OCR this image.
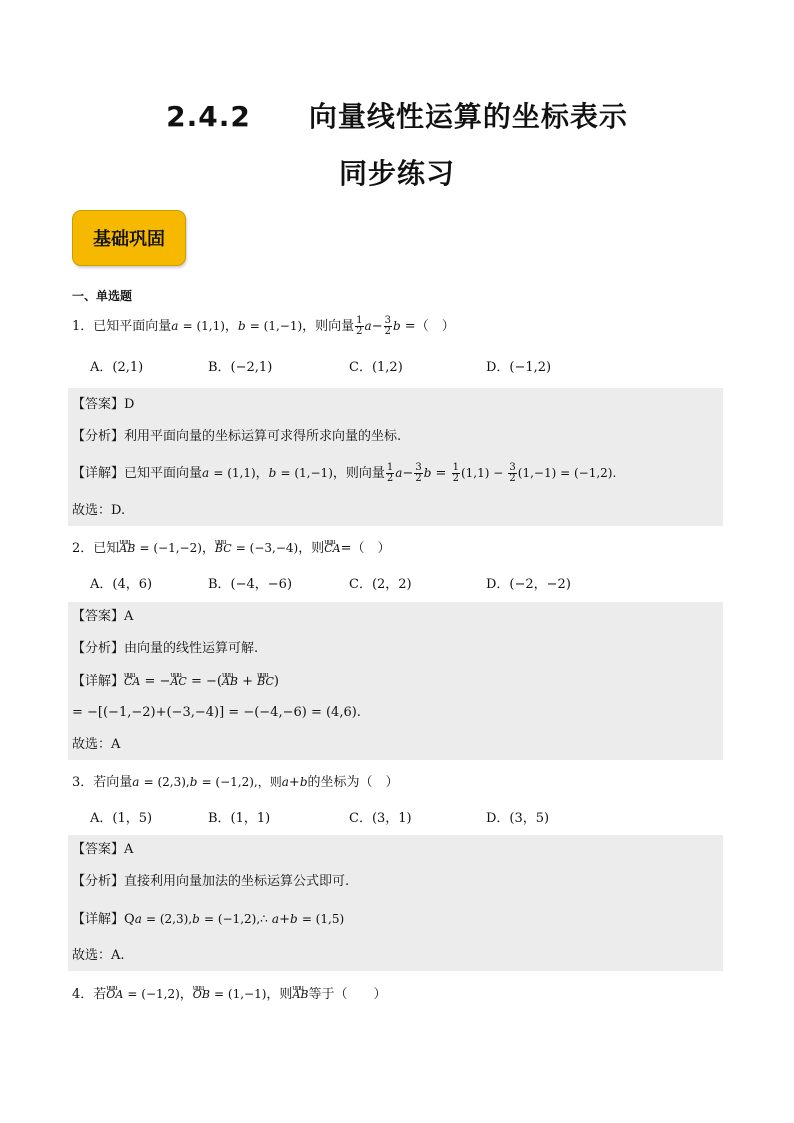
2.4.2　　向量线性运算的坐标表示
同步练习
基础巩固
一、单选题
1．已知平面向量a = (1,1)，b = (1,−1)，则向量 $\frac{1}{2} a- \frac{3}{2}$ b =（　）
A．(2,1)	B．(−2,1)	C．(1,2)	D．(−1,2)
【答案】D
【分析】利用平面向量的坐标运算可求得所求向量的坐标.
【详解】已知平面向量a = (1,1)，b = (1,−1)，则向量 $\frac{1}{2} a- \frac{3}{2}$ $b = \frac{1}{2} (1,1) - \frac{3}{2} (1,-1) = (-1,2)$.
故选：D.
2．已知uuu AB = (−1,−2)，uuu BC = (−3,−4)，则uuu CA=（　）
A．(4，6)	B．(−4，−6)	C．(2，2)	D．(−2，−2)
【答案】A
【分析】由向量的线性运算可解.
【详解】uuu CA = −uuu AC = −(uuu AB + uuu BC)
= −[(−1,−2)+(−3,−4)] = −(−4,−6) = (4,6).
故选：A
3．若向量a = (2,3),b = (−1,2),，则a+b的坐标为（　）
A．(1，5)	B．(1，1)	C．(3，1)	D．(3，5)
【答案】A
【分析】直接利用向量加法的坐标运算公式即可.
【详解】Qa = (2,3),b = (−1,2),∴ a+b = (1,5)
故选：A.
4．若uuu OA = (−1,2)，uuu OB = (1,−1)，则uuu AB等于（　　）
